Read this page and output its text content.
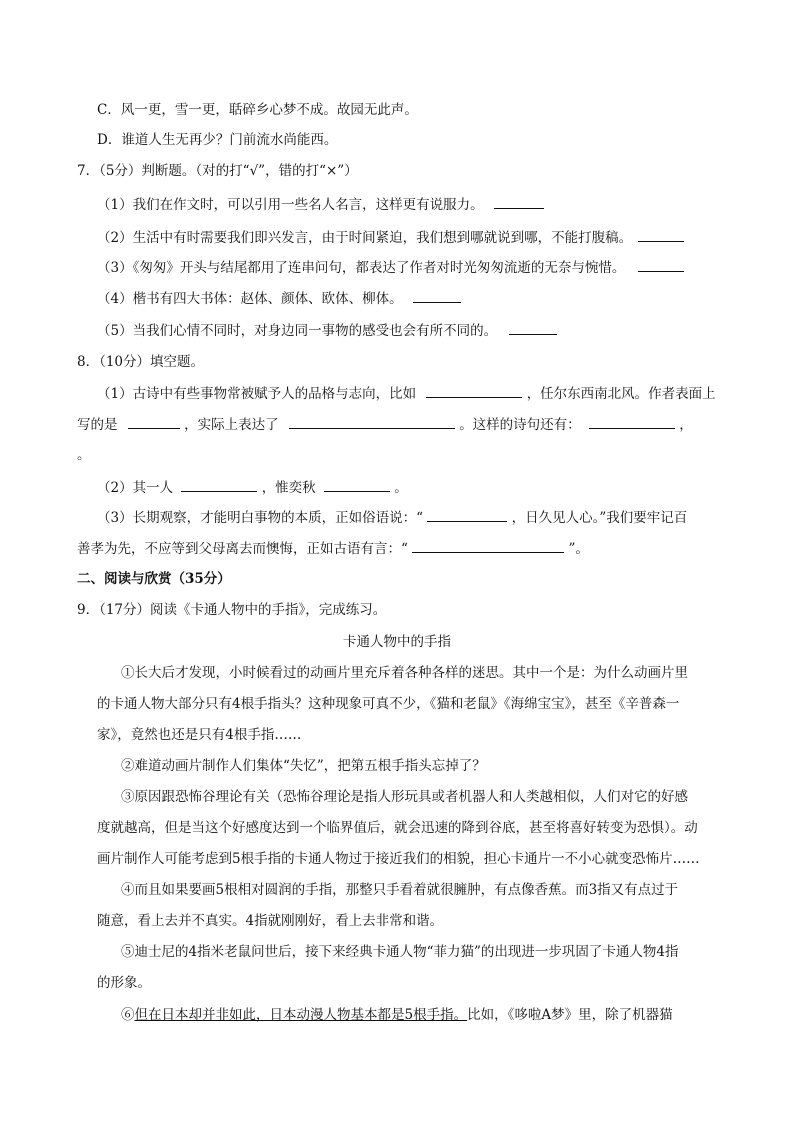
C．风一更，雪一更，聒碎乡心梦不成。故园无此声。
D．谁道人生无再少？门前流水尚能西。
7．（5分）判断题。（对的打“√”，错的打“×”）
（1）我们在作文时，可以引用一些名人名言，这样更有说服力。
（2）生活中有时需要我们即兴发言，由于时间紧迫，我们想到哪就说到哪，不能打腹稿。
（3）《匆匆》开头与结尾都用了连串问句，都表达了作者对时光匆匆流逝的无奈与惋惜。
（4）楷书有四大书体：赵体、颜体、欧体、柳体。
（5）当我们心情不同时，对身边同一事物的感受也会有所不同的。
8．（10分）填空题。
（1）古诗中有些事物常被赋予人的品格与志向，比如	，任尔东西南北风。作者表面上
写的是	，实际上表达了	。这样的诗句还有：	，
。
（2）其一人	，惟奕秋	。
（3）长期观察，才能明白事物的本质，正如俗语说：“	，日久见人心。”我们要牢记百
善孝为先，不应等到父母离去而懊悔，正如古语有言：“	”。
二、阅读与欣赏（35分）
9．（17分）阅读《卡通人物中的手指》，完成练习。
卡通人物中的手指
①长大后才发现，小时候看过的动画片里充斥着各种各样的迷思。其中一个是：为什么动画片里
的卡通人物大部分只有4根手指头？这种现象可真不少，《猫和老鼠》《海绵宝宝》，甚至《辛普森一
家》，竟然也还是只有4根手指……
②难道动画片制作人们集体“失忆”，把第五根手指头忘掉了？
③原因跟恐怖谷理论有关（恐怖谷理论是指人形玩具或者机器人和人类越相似，人们对它的好感
度就越高，但是当这个好感度达到一个临界值后，就会迅速的降到谷底，甚至将喜好转变为恐惧）。动
画片制作人可能考虑到5根手指的卡通人物过于接近我们的相貌，担心卡通片一不小心就变恐怖片……
④而且如果要画5根相对圆润的手指，那整只手看着就很臃肿，有点像香蕉。而3指又有点过于
随意，看上去并不真实。4指就刚刚好，看上去非常和谐。
⑤迪士尼的4指米老鼠问世后，接下来经典卡通人物“菲力猫”的出现进一步巩固了卡通人物4指
的形象。
⑥但在日本却并非如此，日本动漫人物基本都是5根手指。比如，《哆啦A梦》里，除了机器猫
